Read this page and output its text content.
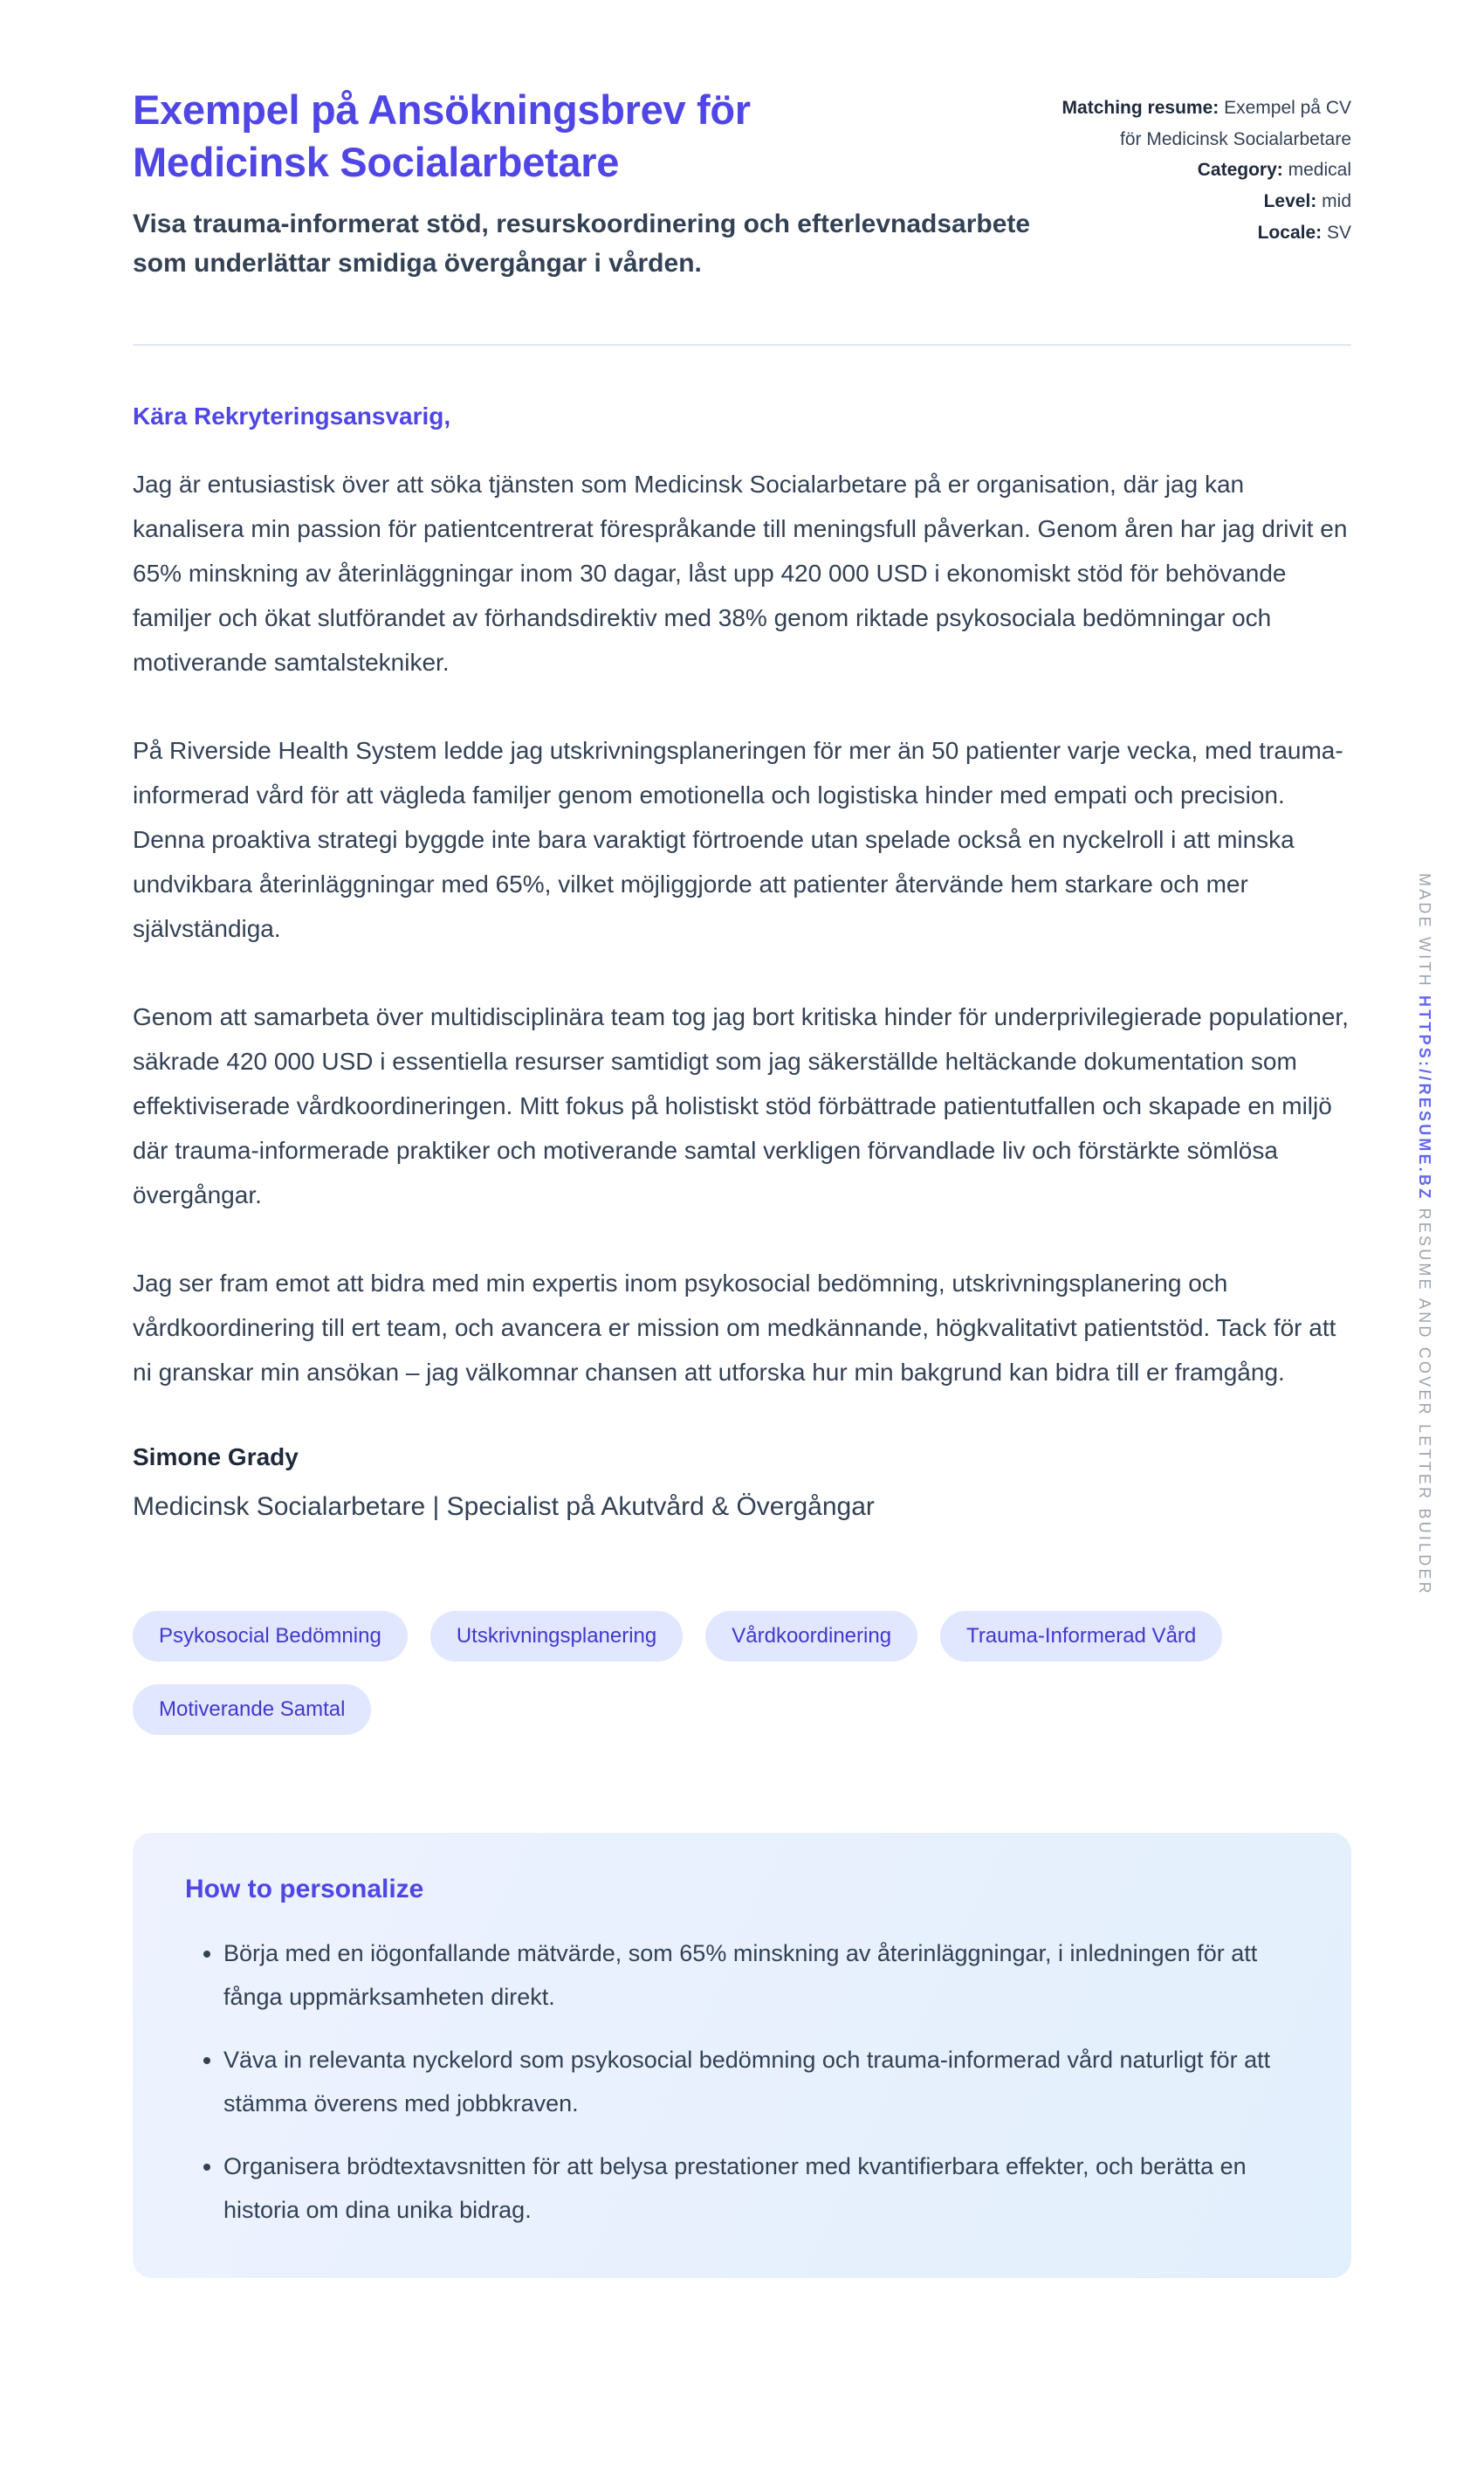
Exempel på Ansökningsbrev för Medicinsk Socialarbetare

Visa trauma-informerat stöd, resurskoordinering och efterlevnadsarbete som underlättar smidiga övergångar i vården.

Matching resume: Exempel på CV för Medicinsk Socialarbetare
Category: medical
Level: mid
Locale: SV

Kära Rekryteringsansvarig,

Jag är entusiastisk över att söka tjänsten som Medicinsk Socialarbetare på er organisation, där jag kan kanalisera min passion för patientcentrerat förespråkande till meningsfull påverkan. Genom åren har jag drivit en 65% minskning av återinläggningar inom 30 dagar, låst upp 420 000 USD i ekonomiskt stöd för behövande familjer och ökat slutförandet av förhandsdirektiv med 38% genom riktade psykosociala bedömningar och motiverande samtalstekniker.

På Riverside Health System ledde jag utskrivningsplaneringen för mer än 50 patienter varje vecka, med trauma-informerad vård för att vägleda familjer genom emotionella och logistiska hinder med empati och precision. Denna proaktiva strategi byggde inte bara varaktigt förtroende utan spelade också en nyckelroll i att minska undvikbara återinläggningar med 65%, vilket möjliggjorde att patienter återvände hem starkare och mer självständiga.

Genom att samarbeta över multidisciplinära team tog jag bort kritiska hinder för underprivilegierade populationer, säkrade 420 000 USD i essentiella resurser samtidigt som jag säkerställde heltäckande dokumentation som effektiviserade vårdkoordineringen. Mitt fokus på holistiskt stöd förbättrade patientutfallen och skapade en miljö där trauma-informerade praktiker och motiverande samtal verkligen förvandlade liv och förstärkte sömlösa övergångar.

Jag ser fram emot att bidra med min expertis inom psykosocial bedömning, utskrivningsplanering och vårdkoordinering till ert team, och avancera er mission om medkännande, högkvalitativt patientstöd. Tack för att ni granskar min ansökan – jag välkomnar chansen att utforska hur min bakgrund kan bidra till er framgång.

Simone Grady

Medicinsk Socialarbetare | Specialist på Akutvård & Övergångar

Psykosocial Bedömning	Utskrivningsplanering	Vårdkoordinering	Trauma-Informerad Vård
Motiverande Samtal
How to personalize
• Börja med en iögonfallande mätvärde, som 65% minskning av återinläggningar, i inledningen för att fånga uppmärksamheten direkt.
• Väva in relevanta nyckelord som psykosocial bedömning och trauma-informerad vård naturligt för att stämma överens med jobbkraven.
• Organisera brödtextavsnitten för att belysa prestationer med kvantifierbara effekter, och berätta en historia om dina unika bidrag.
MADE WITH HTTPS://RESUME.BZ RESUME AND COVER LETTER BUILDER
